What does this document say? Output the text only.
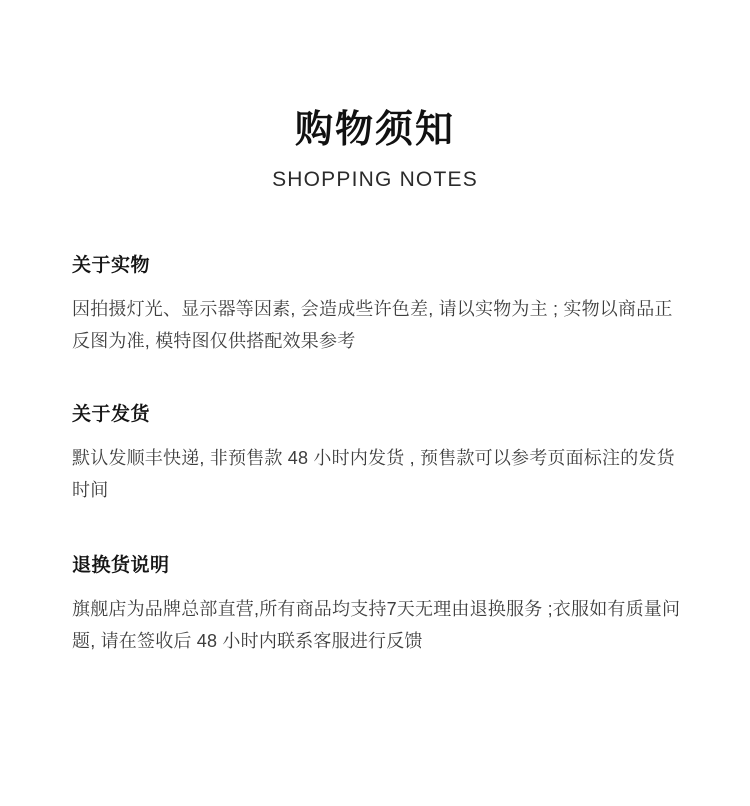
购物须知

SHOPPING NOTES

关于实物

因拍摄灯光、显示器等因素, 会造成些许色差, 请以实物为主 ; 实物以商品正反图为准, 模特图仅供搭配效果参考

关于发货

默认发顺丰快递, 非预售款 48 小时内发货 , 预售款可以参考页面标注的发货时间

退换货说明

旗舰店为品牌总部直营,所有商品均支持7天无理由退换服务 ;衣服如有质量问题, 请在签收后 48 小时内联系客服进行反馈
